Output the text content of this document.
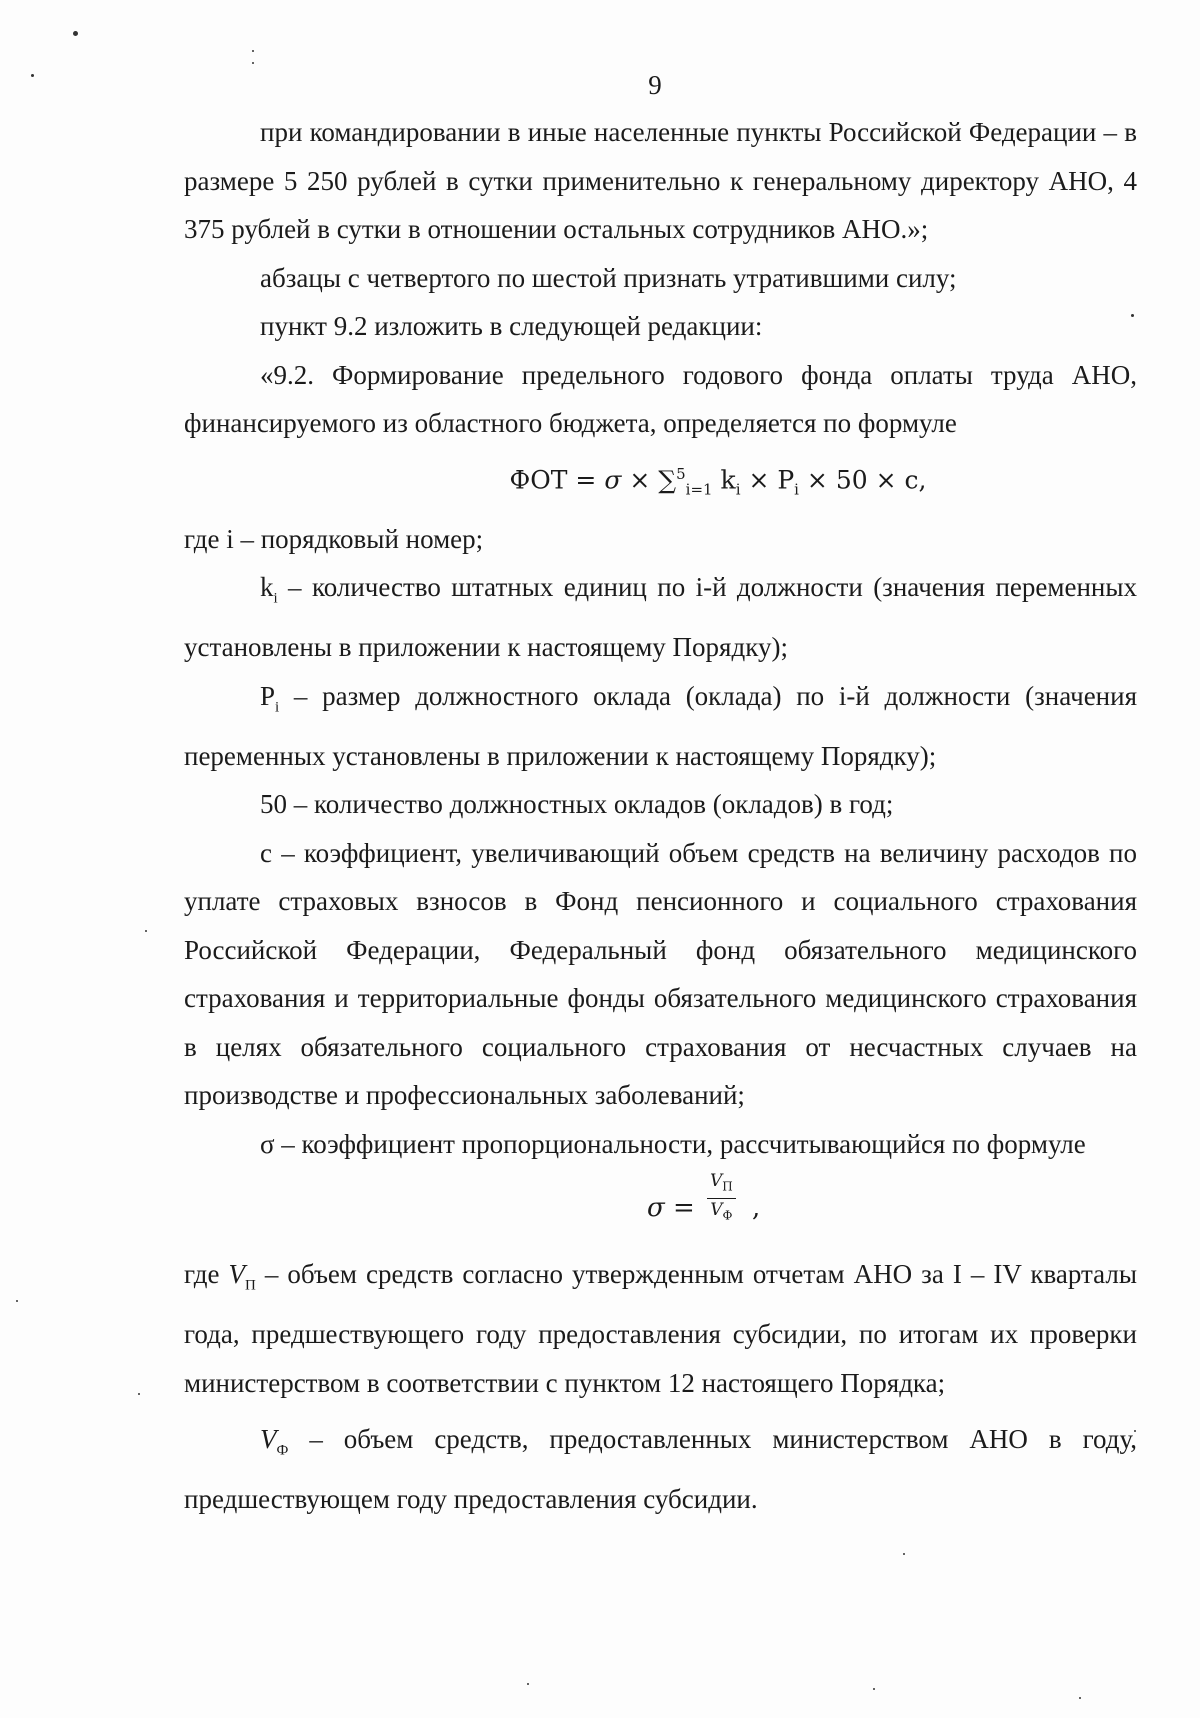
9

при командировании в иные населенные пункты Российской Федерации – в размере 5 250 рублей в сутки применительно к генеральному директору АНО, 4 375 рублей в сутки в отношении остальных сотрудников АНО.»;

абзацы с четвертого по шестой признать утратившими силу;

пункт 9.2 изложить в следующей редакции:

«9.2. Формирование предельного годового фонда оплаты труда АНО, финансируемого из областного бюджета, определяется по формуле

ФОТ = σ × ∑$^5_{i=1}$ $k_i \times P_i \times 50 \times c$,

где i – порядковый номер;

$k_i$ – количество штатных единиц по i-й должности (значения переменных установлены в приложении к настоящему Порядку);

$P_i$ – размер должностного оклада (оклада) по i-й должности (значения переменных установлены в приложении к настоящему Порядку);

50 – количество должностных окладов (окладов) в год;

c – коэффициент, увеличивающий объем средств на величину расходов по уплате страховых взносов в Фонд пенсионного и социального страхования Российской Федерации, Федеральный фонд обязательного медицинского страхования и территориальные фонды обязательного медицинского страхования в целях обязательного социального страхования от несчастных случаев на производстве и профессиональных заболеваний;

σ – коэффициент пропорциональности, рассчитывающийся по формуле

σ =
$V_П$
$V_Ф$ ,

где $V_П$ – объем средств согласно утвержденным отчетам АНО за I – IV кварталы года, предшествующего году предоставления субсидии, по итогам их проверки министерством в соответствии с пунктом 12 настоящего Порядка;

$V_Ф$ – объем средств, предоставленных министерством АНО в году, предшествующем году предоставления субсидии.
